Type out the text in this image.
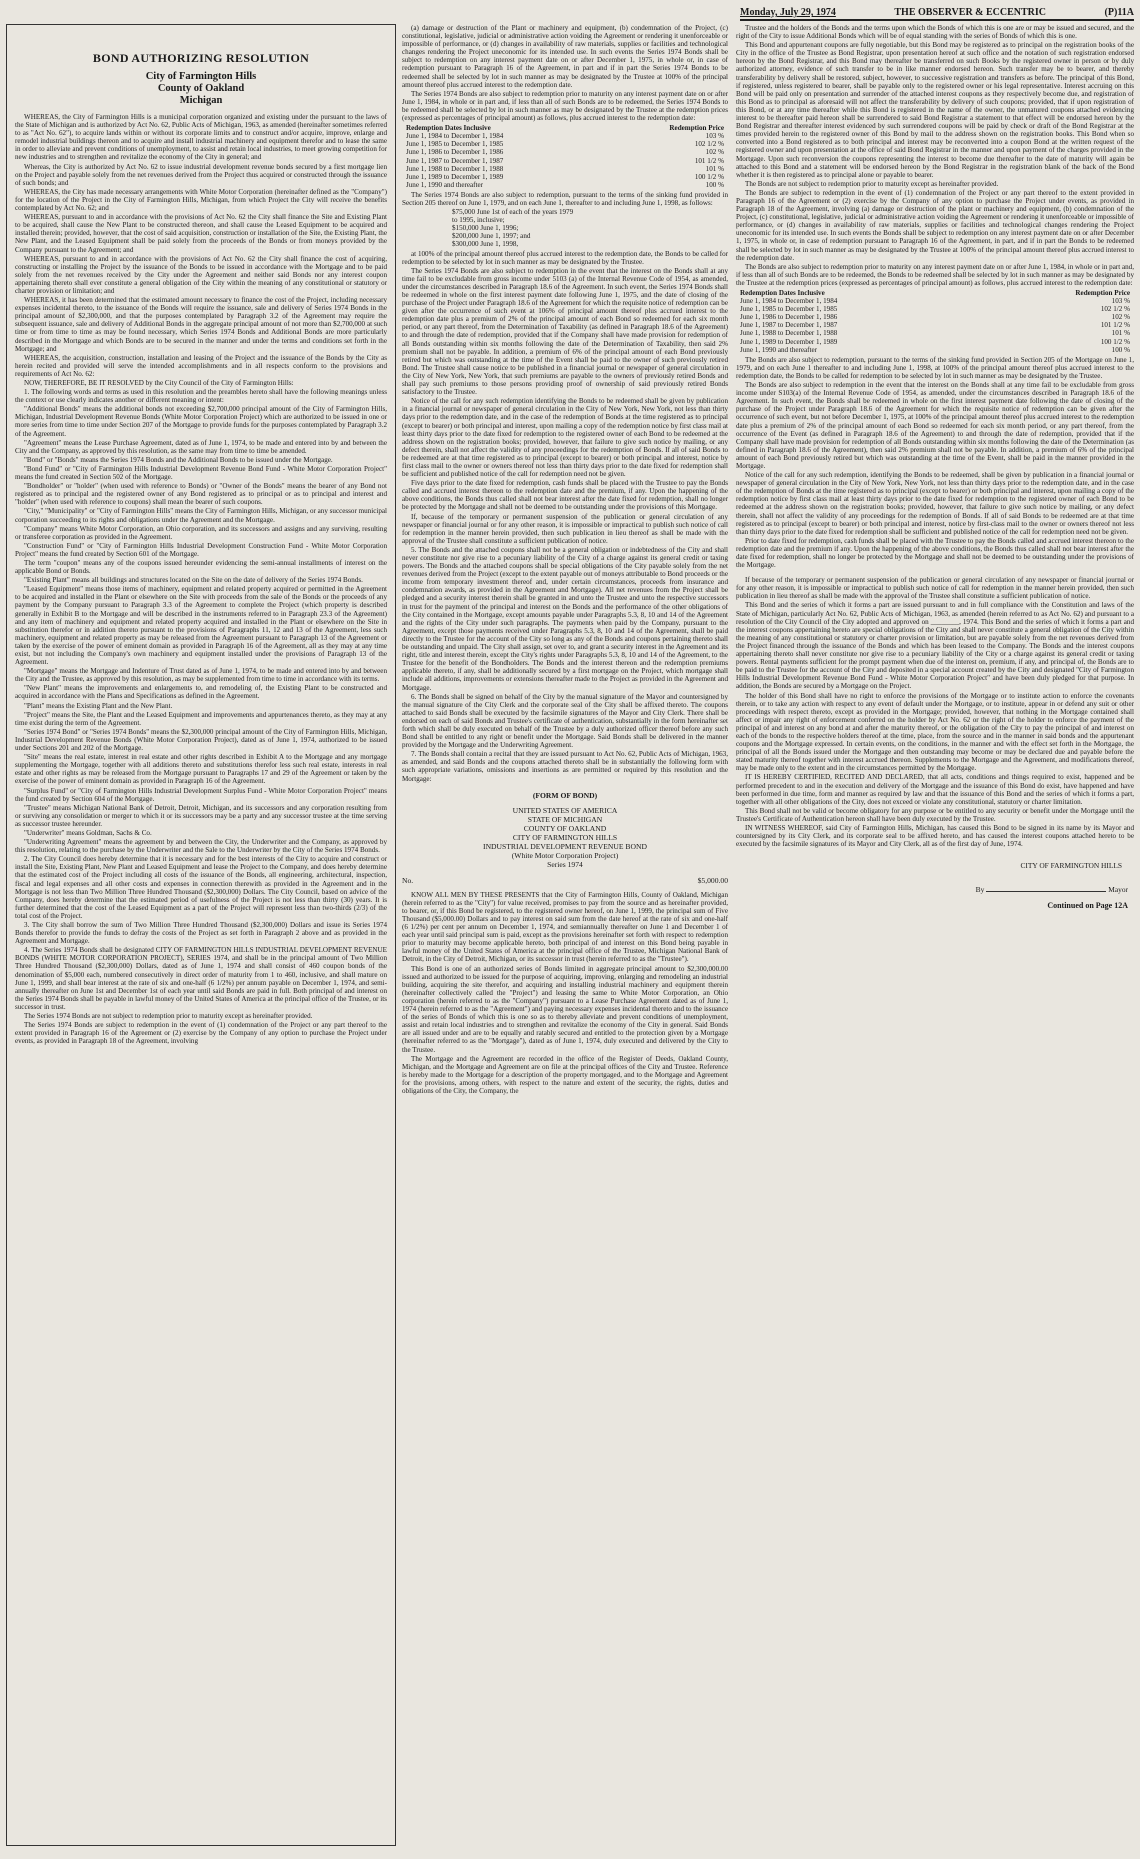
Monday, July 29, 1974	THE OBSERVER & ECCENTRIC	(P)11A
BOND AUTHORIZING RESOLUTION
City of Farmington Hills
County of Oakland
Michigan

WHEREAS, the City of Farmington Hills is a municipal corporation organized and existing under the pursuant to the laws of the State of Michigan and is authorized by Act No. 62, Public Acts of Michigan, 1963, as amended (hereinafter sometimes referred to as "Act No. 62"), to acquire lands within or without its corporate limits and to construct and/or acquire, improve, enlarge and remodel industrial buildings thereon and to acquire and install industrial machinery and equipment therefor and to lease the same in order to alleviate and prevent conditions of unemployment, to assist and retain local industries, to meet growing competition for new industries and to strengthen and revitalize the economy of the City in general; and

Whereas, the City is authorized by Act No. 62 to issue industrial development revenue bonds secured by a first mortgage lien on the Project and payable solely from the net revenues derived from the Project thus acquired or constructed through the issuance of such bonds; and

WHEREAS, the City has made necessary arrangements with White Motor Corporation (hereinafter defined as the "Company") for the location of the Project in the City of Farmington Hills, Michigan, from which Project the City will receive the benefits contemplated by Act No. 62; and

WHEREAS, pursuant to and in accordance with the provisions of Act No. 62 the City shall finance the Site and Existing Plant to be acquired, shall cause the New Plant to be constructed thereon, and shall cause the Leased Equipment to be acquired and installed therein; provided, however, that the cost of said acquisition, construction or installation of the Site, the Existing Plant, the New Plant, and the Leased Equipment shall be paid solely from the proceeds of the Bonds or from moneys provided by the Company pursuant to the Agreement; and

WHEREAS, pursuant to and in accordance with the provisions of Act No. 62 the City shall finance the cost of acquiring, constructing or installing the Project by the issuance of the Bonds to be issued in accordance with the Mortgage and to be paid solely from the net revenues received by the City under the Agreement and neither said Bonds nor any interest coupon appertaining thereto shall ever constitute a general obligation of the City within the meaning of any constitutional or statutory or charter provision or limitation; and

WHEREAS, it has been determined that the estimated amount necessary to finance the cost of the Project, including necessary expenses incidental thereto, to the issuance of the Bonds will require the issuance, sale and delivery of Series 1974 Bonds in the principal amount of $2,300,000, and that the purposes contemplated by Paragraph 3.2 of the Agreement may require the subsequent issuance, sale and delivery of Additional Bonds in the aggregate principal amount of not more than $2,700,000 at such time or from time to time as may be found necessary, which Series 1974 Bonds and Additional Bonds are more particularly described in the Mortgage and which Bonds are to be secured in the manner and under the terms and conditions set forth in the Mortgage; and

WHEREAS, the acquisition, construction, installation and leasing of the Project and the issuance of the Bonds by the City as herein recited and provided will serve the intended accomplishments and in all respects conform to the provisions and requirements of Act No. 62:

NOW, THEREFORE, BE IT RESOLVED by the City Council of the City of Farmington Hills:

1. The following words and terms as used in this resolution and the preambles hereto shall have the following meanings unless the context or use clearly indicates another or different meaning or intent:

"Additional Bonds" means the additional bonds not exceeding $2,700,000 principal amount of the City of Farmington Hills, Michigan, Industrial Development Revenue Bonds (White Motor Corporation Project) which are authorized to be issued in one or more series from time to time under Section 207 of the Mortgage to provide funds for the purposes contemplated by Paragraph 3.2 of the Agreement.

"Agreement" means the Lease Purchase Agreement, dated as of June 1, 1974, to be made and entered into by and between the City and the Company, as approved by this resolution, as the same may from time to time be amended.

"Bond" or "Bonds" means the Series 1974 Bonds and the Additional Bonds to be issued under the Mortgage.

"Bond Fund" or "City of Farmington Hills Industrial Development Revenue Bond Fund - White Motor Corporation Project" means the fund created in Section 502 of the Mortgage.

"Bondholder" or "holder" (when used with reference to Bonds) or "Owner of the Bonds" means the bearer of any Bond not registered as to principal and the registered owner of any Bond registered as to principal or as to principal and interest and "holder" (when used with reference to coupons) shall mean the bearer of such coupons.

"City," "Municipality" or "City of Farmington Hills" means the City of Farmington Hills, Michigan, or any successor municipal corporation succeeding to its rights and obligations under the Agreement and the Mortgage.

"Company" means White Motor Corporation, an Ohio corporation, and its successors and assigns and any surviving, resulting or transferee corporation as provided in the Agreement.

"Construction Fund" or "City of Farmington Hills Industrial Development Construction Fund - White Motor Corporation Project" means the fund created by Section 601 of the Mortgage.

The term "coupon" means any of the coupons issued hereunder evidencing the semi-annual installments of interest on the applicable Bond or Bonds.

"Existing Plant" means all buildings and structures located on the Site on the date of delivery of the Series 1974 Bonds.

"Leased Equipment" means those items of machinery, equipment and related property acquired or permitted in the Agreement to be acquired and installed in the Plant or elsewhere on the Site with proceeds from the sale of the Bonds or the proceeds of any payment by the Company pursuant to Paragraph 3.3 of the Agreement to complete the Project (which property is described generally in Exhibit B to the Mortgage and will be described in the instruments referred to in Paragraph 23.3 of the Agreement) and any item of machinery and equipment and related property acquired and installed in the Plant or elsewhere on the Site in substitution therefor or in addition thereto pursuant to the provisions of Paragraphs 11, 12 and 13 of the Agreement, less such machinery, equipment and related property as may be released from the Agreement pursuant to Paragraph 13 of the Agreement or taken by the exercise of the power of eminent domain as provided in Paragraph 16 of the Agreement, all as they may at any time exist, but not including the Company's own machinery and equipment installed under the provisions of Paragraph 13 of the Agreement.

"Mortgage" means the Mortgage and Indenture of Trust dated as of June 1, 1974, to be made and entered into by and between the City and the Trustee, as approved by this resolution, as may be supplemented from time to time in accordance with its terms.

"New Plant" means the improvements and enlargements to, and remodeling of, the Existing Plant to be constructed and acquired in accordance with the Plans and Specifications as defined in the Agreement.

"Plant" means the Existing Plant and the New Plant.

"Project" means the Site, the Plant and the Leased Equipment and improvements and appurtenances thereto, as they may at any time exist during the term of the Agreement.

"Series 1974 Bond" or "Series 1974 Bonds" means the $2,300,000 principal amount of the City of Farmington Hills, Michigan, Industrial Development Revenue Bonds (White Motor Corporation Project), dated as of June 1, 1974, authorized to be issued under Sections 201 and 202 of the Mortgage.

"Site" means the real estate, interest in real estate and other rights described in Exhibit A to the Mortgage and any mortgage supplementing the Mortgage, together with all additions thereto and substitutions therefor less such real estate, interests in real estate and other rights as may be released from the Mortgage pursuant to Paragraphs 17 and 29 of the Agreement or taken by the exercise of the power of eminent domain as provided in Paragraph 16 of the Agreement.

"Surplus Fund" or "City of Farmington Hills Industrial Development Surplus Fund - White Motor Corporation Project" means the fund created by Section 604 of the Mortgage.

"Trustee" means Michigan National Bank of Detroit, Detroit, Michigan, and its successors and any corporation resulting from or surviving any consolidation or merger to which it or its successors may be a party and any successor trustee at the time serving as successor trustee hereunder.

"Underwriter" means Goldman, Sachs & Co.

"Underwriting Agreement" means the agreement by and between the City, the Underwriter and the Company, as approved by this resolution, relating to the purchase by the Underwriter and the Sale to the Underwriter by the City of the Series 1974 Bonds.

2. The City Council does hereby determine that it is necessary and for the best interests of the City to acquire and construct or install the Site, Existing Plant, New Plant and Leased Equipment and lease the Project to the Company, and does hereby determine that the estimated cost of the Project including all costs of the issuance of the Bonds, all engineering, architectural, inspection, fiscal and legal expenses and all other costs and expenses in connection therewith as provided in the Agreement and in the Mortgage is not less than Two Million Three Hundred Thousand ($2,300,000) Dollars. The City Council, based on advice of the Company, does hereby determine that the estimated period of usefulness of the Project is not less than thirty (30) years. It is further determined that the cost of the Leased Equipment as a part of the Project will represent less than two-thirds (2/3) of the total cost of the Project.

3. The City shall borrow the sum of Two Million Three Hundred Thousand ($2,300,000) Dollars and issue its Series 1974 Bonds therefor to provide the funds to defray the costs of the Project as set forth in Paragraph 2 above and as provided in the Agreement and Mortgage.

4. The Series 1974 Bonds shall be designated CITY OF FARMINGTON HILLS INDUSTRIAL DEVELOPMENT REVENUE BONDS (WHITE MOTOR CORPORATION PROJECT), SERIES 1974, and shall be in the principal amount of Two Million Three Hundred Thousand ($2,300,000) Dollars, dated as of June 1, 1974 and shall consist of 460 coupon bonds of the denomination of $5,000 each, numbered consecutively in direct order of maturity from 1 to 460, inclusive, and shall mature on June 1, 1999, and shall bear interest at the rate of six and one-half (6 1/2%) per annum payable on December 1, 1974, and semi-annually thereafter on June 1st and December 1st of each year until said Bonds are paid in full. Both principal of and interest on the Series 1974 Bonds shall be payable in lawful money of the United States of America at the principal office of the Trustee, or its successor in trust.

The Series 1974 Bonds are not subject to redemption prior to maturity except as hereinafter provided.

The Series 1974 Bonds are subject to redemption in the event of (1) condemnation of the Project or any part thereof to the extent provided in Paragraph 16 of the Agreement or (2) exercise by the Company of any option to purchase the Project under events, as provided in Paragraph 18 of the Agreement, involving

(a) damage or destruction of the Plant or machinery and equipment, (b) condemnation of the Project, (c) constitutional, legislative, judicial or administrative action voiding the Agreement or rendering it unenforceable or impossible of performance, or (d) changes in availability of raw materials, supplies or facilities and technological changes rendering the Project uneconomic for its intended use. In such events the Series 1974 Bonds shall be subject to redemption on any interest payment date on or after December 1, 1975, in whole or, in case of redemption pursuant to Paragraph 16 of the Agreement, in part and if in part the Series 1974 Bonds to be redeemed shall be selected by lot in such manner as may be designated by the Trustee at 100% of the principal amount thereof plus accrued interest to the redemption date.

The Series 1974 Bonds are also subject to redemption prior to maturity on any interest payment date on or after June 1, 1984, in whole or in part and, if less than all of such Bonds are to be redeemed, the Series 1974 Bonds to be redeemed shall be selected by lot in such manner as may be designated by the Trustee at the redemption prices (expressed as percentages of principal amount) as follows, plus accrued interest to the redemption date:

Redemption Dates Inclusive	Redemption Price
June 1, 1984 to December 1, 1984	103 %
June 1, 1985 to December 1, 1985	102 1/2 %
June 1, 1986 to December 1, 1986	102 %
June 1, 1987 to December 1, 1987	101 1/2 %
June 1, 1988 to December 1, 1988	101 %
June 1, 1989 to December 1, 1989	100 1/2 %
June 1, 1990 and thereafter	100 %

The Series 1974 Bonds are also subject to redemption, pursuant to the terms of the sinking fund provided in Section 205 thereof on June 1, 1979, and on each June 1, thereafter to and including June 1, 1998, as follows:

$75,000 June 1st of each of the years 1979
to 1995, inclusive;
$150,000 June 1, 1996;
$200,000 June 1, 1997; and
$300,000 June 1, 1998,

at 100% of the principal amount thereof plus accrued interest to the redemption date, the Bonds to be called for redemption to be selected by lot in such manner as may be designated by the Trustee.

The Series 1974 Bonds are also subject to redemption in the event that the interest on the Bonds shall at any time fail to be excludable from gross income under 5103 (a) of the Internal Revenue Code of 1954, as amended, under the circumstances described in Paragraph 18.6 of the Agreement. In such event, the Series 1974 Bonds shall be redeemed in whole on the first interest payment date following June 1, 1975, and the date of closing of the purchase of the Project under Paragraph 18.6 of the Agreement for which the requisite notice of redemption can be given after the occurrence of such event at 106% of principal amount thereof plus accrued interest to the redemption date plus a premium of 2% of the principal amount of each Bond so redeemed for each six month period, or any part thereof, from the Determination of Taxability (as defined in Paragraph 18.6 of the Agreement) to and through the date of redemption, provided that if the Company shall have made provision for redemption of all Bonds outstanding within six months following the date of the Determination of Taxability, then said 2% premium shall not be payable. In addition, a premium of 6% of the principal amount of each Bond previously retired but which was outstanding at the time of the Event shall be paid to the owner of such previously retired Bond. The Trustee shall cause notice to be published in a financial journal or newspaper of general circulation in the City of New York, New York, that such premiums are payable to the owners of previously retired Bonds and shall pay such premiums to those persons providing proof of ownership of said previously retired Bonds satisfactory to the Trustee.

Notice of the call for any such redemption identifying the Bonds to be redeemed shall be given by publication in a financial journal or newspaper of general circulation in the City of New York, New York, not less than thirty days prior to the redemption date, and in the case of the redemption of Bonds at the time registered as to principal (except to bearer) or both principal and interest, upon mailing a copy of the redemption notice by first class mail at least thirty days prior to the date fixed for redemption to the registered owner of each Bond to be redeemed at the address shown on the registration books; provided, however, that failure to give such notice by mailing, or any defect therein, shall not affect the validity of any proceedings for the redemption of Bonds. If all of said Bonds to be redeemed are at that time registered as to principal (except to bearer) or both principal and interest, notice by first class mail to the owner or owners thereof not less than thirty days prior to the date fixed for redemption shall be sufficient and published notice of the call for redemption need not be given.

Five days prior to the date fixed for redemption, cash funds shall be placed with the Trustee to pay the Bonds called and accrued interest thereon to the redemption date and the premium, if any. Upon the happening of the above conditions, the Bonds thus called shall not bear interest after the date fixed for redemption, shall no longer be protected by the Mortgage and shall not be deemed to be outstanding under the provisions of this Mortgage.

If, because of the temporary or permanent suspension of the publication or general circulation of any newspaper or financial journal or for any other reason, it is impossible or impractical to publish such notice of call for redemption in the manner herein provided, then such publication in lieu thereof as shall be made with the approval of the Trustee shall constitute a sufficient publication of notice.

5. The Bonds and the attached coupons shall not be a general obligation or indebtedness of the City and shall never constitute nor give rise to a pecuniary liability of the City of a charge against its general credit or taxing powers. The Bonds and the attached coupons shall be special obligations of the City payable solely from the net revenues derived from the Project (except to the extent payable out of moneys attributable to Bond proceeds or the income from temporary investment thereof and, under certain circumstances, proceeds from insurance and condemnation awards, as provided in the Agreement and Mortgage). All net revenues from the Project shall be pledged and a security interest therein shall be granted in and unto the Trustee and unto the respective successors in trust for the payment of the principal and interest on the Bonds and the performance of the other obligations of the City contained in the Mortgage, except amounts payable under Paragraphs 5.3, 8, 10 and 14 of the Agreement and the rights of the City under such paragraphs. The payments when paid by the Company, pursuant to the Agreement, except those payments received under Paragraphs 5.3, 8, 10 and 14 of the Agreement, shall be paid directly to the Trustee for the account of the City so long as any of the Bonds and coupons pertaining thereto shall be outstanding and unpaid. The City shall assign, set over to, and grant a security interest in the Agreement and its right, title and interest therein, except the City's rights under Paragraphs 5.3, 8, 10 and 14 of the Agreement, to the Trustee for the benefit of the Bondholders. The Bonds and the interest thereon and the redemption premiums applicable thereto, if any, shall be additionally secured by a first mortgage on the Project, which mortgage shall include all additions, improvements or extensions thereafter made to the Project as provided in the Agreement and Mortgage.

6. The Bonds shall be signed on behalf of the City by the manual signature of the Mayor and countersigned by the manual signature of the City Clerk and the corporate seal of the City shall be affixed thereto. The coupons attached to said Bonds shall be executed by the facsimile signatures of the Mayor and City Clerk. There shall be endorsed on each of said Bonds and Trustee's certificate of authentication, substantially in the form hereinafter set forth which shall be duly executed on behalf of the Trustee by a duly authorized officer thereof before any such Bond shall be entitled to any right or benefit under the Mortgage. Said Bonds shall be delivered in the manner provided by the Mortgage and the Underwriting Agreement.

7. The Bonds shall contain a recital that they are issued pursuant to Act No. 62, Public Acts of Michigan, 1963, as amended, and said Bonds and the coupons attached thereto shall be in substantially the following form with such appropriate variations, omissions and insertions as are permitted or required by this resolution and the Mortgage:

(FORM OF BOND)
UNITED STATES OF AMERICA
STATE OF MICHIGAN
COUNTY OF OAKLAND
CITY OF FARMINGTON HILLS
INDUSTRIAL DEVELOPMENT REVENUE BOND
(White Motor Corporation Project)
Series 1974
No.	$5,000.00

KNOW ALL MEN BY THESE PRESENTS that the City of Farmington Hills, County of Oakland, Michigan (herein referred to as the "City") for value received, promises to pay from the source and as hereinafter provided, to bearer, or, if this Bond be registered, to the registered owner hereof, on June 1, 1999, the principal sum of Five Thousand ($5,000.00) Dollars and to pay interest on said sum from the date hereof at the rate of six and one-half (6 1/2%) per cent per annum on December 1, 1974, and semiannually thereafter on June 1 and December 1 of each year until said principal sum is paid, except as the provisions hereinafter set forth with respect to redemption prior to maturity may become applicable hereto, both principal of and interest on this Bond being payable in lawful money of the United States of America at the principal office of the Trustee, Michigan National Bank of Detroit, in the City of Detroit, Michigan, or its successor in trust (herein referred to as the "Trustee").

This Bond is one of an authorized series of Bonds limited in aggregate principal amount to $2,300,000.00 issued and authorized to be issued for the purpose of acquiring, improving, enlarging and remodeling an industrial building, acquiring the site therefor, and acquiring and installing industrial machinery and equipment therein (hereinafter collectively called the "Project") and leasing the same to White Motor Corporation, an Ohio corporation (herein referred to as the "Company") pursuant to a Lease Purchase Agreement dated as of June 1, 1974 (herein referred to as the "Agreement") and paying necessary expenses incidental thereto and to the issuance of the series of Bonds of which this is one so as to thereby alleviate and prevent conditions of unemployment, assist and retain local industries and to strengthen and revitalize the economy of the City in general. Said Bonds are all issued under and are to be equally and ratably secured and entitled to the protection given by a Mortgage (hereinafter referred to as the "Mortgage"), dated as of June 1, 1974, duly executed and delivered by the City to the Trustee.

The Mortgage and the Agreement are recorded in the office of the Register of Deeds, Oakland County, Michigan, and the Mortgage and Agreement are on file at the principal offices of the City and Trustee. Reference is hereby made to the Mortgage for a description of the property mortgaged, and to the Mortgage and Agreement for the provisions, among others, with respect to the nature and extent of the security, the rights, duties and obligations of the City, the Company, the

Trustee and the holders of the Bonds and the terms upon which the Bonds of which this is one are or may be issued and secured, and the right of the City to issue Additional Bonds which will be of equal standing with the series of Bonds of which this is one.

This Bond and appurtenant coupons are fully negotiable, but this Bond may be registered as to principal on the registration books of the City in the office of the Trustee as Bond Registrar, upon presentation hereof at such office and the notation of such registration endorsed hereon by the Bond Registrar, and this Bond may thereafter be transferred on such Books by the registered owner in person or by duly authorized attorney, evidence of such transfer to be in like manner endorsed hereon. Such transfer may be to bearer, and thereby transferability by delivery shall be restored, subject, however, to successive registration and transfers as before. The principal of this Bond, if registered, unless registered to bearer, shall be payable only to the registered owner or his legal representative. Interest accruing on this Bond will be paid only on presentation and surrender of the attached interest coupons as they respectively become due, and registration of this Bond as to principal as aforesaid will not affect the transferability by delivery of such coupons; provided, that if upon registration of this Bond, or at any time thereafter while this Bond is registered in the name of the owner, the unmatured coupons attached evidencing interest to be thereafter paid hereon shall be surrendered to said Bond Registrar a statement to that effect will be endorsed hereon by the Bond Registrar and thereafter interest evidenced by such surrendered coupons will be paid by check or draft of the Bond Registrar at the times provided herein to the registered owner of this Bond by mail to the address shown on the registration books. This Bond when so converted into a Bond registered as to both principal and interest may be reconverted into a coupon Bond at the written request of the registered owner and upon presentation at the office of said Bond Registrar in the manner and upon payment of the charges provided in the Mortgage. Upon such reconversion the coupons representing the interest to become due thereafter to the date of maturity will again be attached to this Bond and a statement will be endorsed hereon by the Bond Registrar in the registration blank of the back of the Bond whether it is then registered as to principal alone or payable to bearer.

The Bonds are not subject to redemption prior to maturity except as hereinafter provided.

The Bonds are subject to redemption in the event of (1) condemnation of the Project or any part thereof to the extent provided in Paragraph 16 of the Agreement or (2) exercise by the Company of any option to purchase the Project under events, as provided in Paragraph 18 of the Agreement, involving (a) damage or destruction of the plant or machinery and equipment, (b) condemnation of the Project, (c) constitutional, legislative, judicial or administrative action voiding the Agreement or rendering it unenforceable or impossible of performance, or (d) changes in availability of raw materials, supplies or facilities and technological changes rendering the Project uneconomic for its intended use. In such events the Bonds shall be subject to redemption on any interest payment date on or after December 1, 1975, in whole or, in case of redemption pursuant to Paragraph 16 of the Agreement, in part, and if in part the Bonds to be redeemed shall be selected by lot in such manner as may be designated by the Trustee at 100% of the principal amount thereof plus accrued interest to the redemption date.

The Bonds are also subject to redemption prior to maturity on any interest payment date on or after June 1, 1984, in whole or in part and, if less than all of such Bonds are to be redeemed, the Bonds to be redeemed shall be selected by lot in such manner as may be designated by the Trustee at the redemption prices (expressed as percentages of principal amount) as follows, plus accrued interest to the redemption date:

Redemption Dates Inclusive	Redemption Price
June 1, 1984 to December 1, 1984	103 %
June 1, 1985 to December 1, 1985	102 1/2 %
June 1, 1986 to December 1, 1986	102 %
June 1, 1987 to December 1, 1987	101 1/2 %
June 1, 1988 to December 1, 1988	101 %
June 1, 1989 to December 1, 1989	100 1/2 %
June 1, 1990 and thereafter	100 %

The Bonds are also subject to redemption, pursuant to the terms of the sinking fund provided in Section 205 of the Mortgage on June 1, 1979, and on each June 1 thereafter to and including June 1, 1998, at 100% of the principal amount thereof plus accrued interest to the redemption date, the Bonds to be called for redemption to be selected by lot in such manner as may be designated by the Trustee.

The Bonds are also subject to redemption in the event that the interest on the Bonds shall at any time fail to be excludable from gross income under S103(a) of the Internal Revenue Code of 1954, as amended, under the circumstances described in Paragraph 18.6 of the Agreement. In such event, the Bonds shall be redeemed in whole on the first interest payment date following the date of closing of the purchase of the Project under Paragraph 18.6 of the Agreement for which the requisite notice of redemption can be given after the occurrence of such event, but not before December 1, 1975, at 100% of the principal amount thereof plus accrued interest to the redemption date plus a premium of 2% of the principal amount of each Bond so redeemed for each six month period, or any part thereof, from the occurrence of the Event (as defined in Paragraph 18.6 of the Agreement) to and through the date of redemption, provided that if the Company shall have made provision for redemption of all Bonds outstanding within six months following the date of the Determination (as defined in Paragraph 18.6 of the Agreement), then said 2% premium shall not be payable. In addition, a premium of 6% of the principal amount of each Bond previously retired but which was outstanding at the time of the Event, shall be paid in the manner provided in the Mortgage.

Notice of the call for any such redemption, identifying the Bonds to be redeemed, shall be given by publication in a financial journal or newspaper of general circulation in the City of New York, New York, not less than thirty days prior to the redemption date, and in the case of the redemption of Bonds at the time registered as to principal (except to bearer) or both principal and interest, upon mailing a copy of the redemption notice by first class mail at least thirty days prior to the date fixed for redemption to the registered owner of each Bond to be redeemed at the address shown on the registration books; provided, however, that failure to give such notice by mailing, or any defect therein, shall not affect the validity of any proceedings for the redemption of Bonds. If all of said Bonds to be redeemed are at that time registered as to principal (except to bearer) or both principal and interest, notice by first-class mail to the owner or owners thereof not less than thirty days prior to the date fixed for redemption shall be sufficient and published notice of the call for redemption need not be given.

Prior to date fixed for redemption, cash funds shall be placed with the Trustee to pay the Bonds called and accrued interest thereon to the redemption date and the premium if any. Upon the happening of the above conditions, the Bonds thus called shall not bear interest after the date fixed for redemption, shall no longer be protected by the Mortgage and shall not be deemed to be outstanding under the provisions of the Mortgage.

If because of the temporary or permanent suspension of the publication or general circulation of any newspaper or financial journal or for any other reason, it is impossible or impractical to publish such notice of call for redemption in the manner herein provided, then such publication in lieu thereof as shall be made with the approval of the Trustee shall constitute a sufficient publication of notice.

This Bond and the series of which it forms a part are issued pursuant to and in full compliance with the Constitution and laws of the State of Michigan, particularly Act No. 62, Public Acts of Michigan, 1963, as amended (herein referred to as Act No. 62) and pursuant to a resolution of the City Council of the City adopted and approved on ________, 1974. This Bond and the series of which it forms a part and the interest coupons appertaining hereto are special obligations of the City and shall never constitute a general obligation of the City within the meaning of any constitutional or statutory or charter provision or limitation, but are payable solely from the net revenues derived from the Project financed through the issuance of the Bonds and which has been leased to the Company. The Bonds and the interest coupons appertaining thereto shall never constitute nor give rise to a pecuniary liability of the City or a charge against its general credit or taxing powers. Rental payments sufficient for the prompt payment when due of the interest on, premium, if any, and principal of, the Bonds are to be paid to the Trustee for the account of the City and deposited in a special account created by the City and designated "City of Farmington Hills Industrial Development Revenue Bond Fund - White Motor Corporation Project" and have been duly pledged for that purpose. In addition, the Bonds are secured by a Mortgage on the Project.

The holder of this Bond shall have no right to enforce the provisions of the Mortgage or to institute action to enforce the covenants therein, or to take any action with respect to any event of default under the Mortgage, or to institute, appear in or defend any suit or other proceedings with respect thereto, except as provided in the Mortgage; provided, however, that nothing in the Mortgage contained shall affect or impair any right of enforcement conferred on the holder by Act No. 62 or the right of the holder to enforce the payment of the principal of and interest on any bond at and after the maturity thereof, or the obligation of the City to pay the principal of and interest on each of the bonds to the respective holders thereof at the time, place, from the source and in the manner in said bonds and the appurtenant coupons and the Mortgage expressed. In certain events, on the conditions, in the manner and with the effect set forth in the Mortgage, the principal of all the Bonds issued under the Mortgage and then outstanding may become or may be declared due and payable before the stated maturity thereof together with interest accrued thereon. Supplements to the Mortgage and the Agreement, and modifications thereof, may be made only to the extent and in the circumstances permitted by the Mortgage.

IT IS HEREBY CERTIFIED, RECITED AND DECLARED, that all acts, conditions and things required to exist, happened and be performed precedent to and in the execution and delivery of the Mortgage and the issuance of this Bond do exist, have happened and have been performed in due time, form and manner as required by law and that the issuance of this Bond and the series of which it forms a part, together with all other obligations of the City, does not exceed or violate any constitutional, statutory or charter limitation.

This Bond shall not be valid or become obligatory for any purpose or be entitled to any security or benefit under the Mortgage until the Trustee's Certificate of Authentication hereon shall have been duly executed by the Trustee.

IN WITNESS WHEREOF, said City of Farmington Hills, Michigan, has caused this Bond to be signed in its name by its Mayor and countersigned by its City Clerk, and its corporate seal to be affixed hereto, and has caused the interest coupons attached hereto to be executed by the facsimile signatures of its Mayor and City Clerk, all as of the first day of June, 1974.

CITY OF FARMINGTON HILLS
By	Mayor
Continued on Page 12A
